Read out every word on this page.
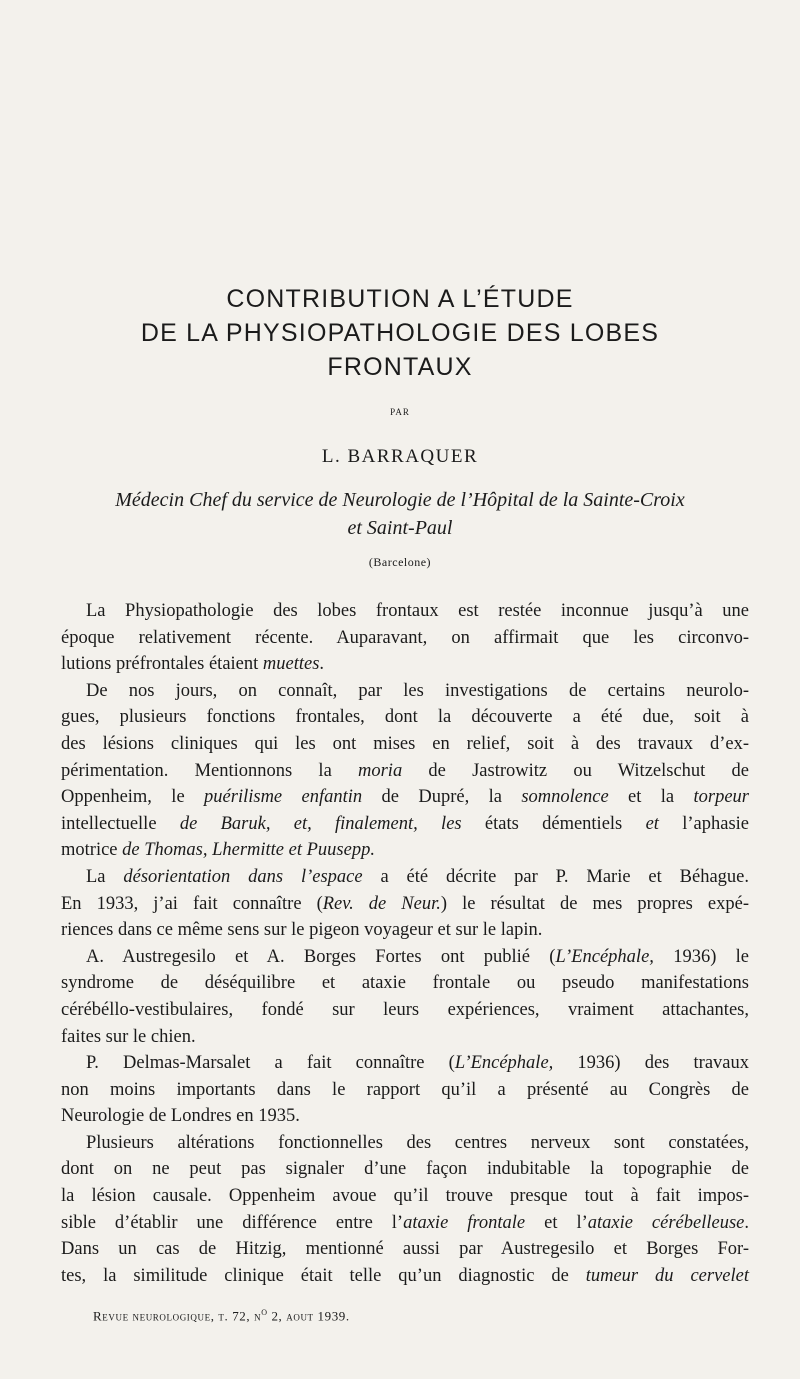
CONTRIBUTION A L’ÉTUDE
DE LA PHYSIOPATHOLOGIE DES LOBES
FRONTAUX
PAR
L. BARRAQUER
Médecin Chef du service de Neurologie de l’Hôpital de la Sainte-Croix
et Saint-Paul
(Barcelone)
La Physiopathologie des lobes frontaux est restée inconnue jusqu’à une
époque relativement récente. Auparavant, on affirmait que les circonvo-
lutions préfrontales étaient muettes.
De nos jours, on connaît, par les investigations de certains neurolo-
gues, plusieurs fonctions frontales, dont la découverte a été due, soit à
des lésions cliniques qui les ont mises en relief, soit à des travaux d’ex-
périmentation. Mentionnons la moria de Jastrowitz ou Witzelschut de
Oppenheim, le puérilisme enfantin de Dupré, la somnolence et la torpeur
intellectuelle de Baruk, et, finalement, les états démentiels et l’aphasie
motrice de Thomas, Lhermitte et Puusepp.
La désorientation dans l’espace a été décrite par P. Marie et Béhague.
En 1933, j’ai fait connaître (Rev. de Neur.) le résultat de mes propres expé-
riences dans ce même sens sur le pigeon voyageur et sur le lapin.
A. Austregesilo et A. Borges Fortes ont publié (L’Encéphale, 1936) le
syndrome de déséquilibre et ataxie frontale ou pseudo manifestations
cérébéllo-vestibulaires, fondé sur leurs expériences, vraiment attachantes,
faites sur le chien.
P. Delmas-Marsalet a fait connaître (L’Encéphale, 1936) des travaux
non moins importants dans le rapport qu’il a présenté au Congrès de
Neurologie de Londres en 1935.
Plusieurs altérations fonctionnelles des centres nerveux sont constatées,
dont on ne peut pas signaler d’une façon indubitable la topographie de
la lésion causale. Oppenheim avoue qu’il trouve presque tout à fait impos-
sible d’établir une différence entre l’ataxie frontale et l’ataxie cérébelleuse.
Dans un cas de Hitzig, mentionné aussi par Austregesilo et Borges For-
tes, la similitude clinique était telle qu’un diagnostic de tumeur du cervelet
Revue neurologique, t. 72, $n^o$ 2, aout 1939.
